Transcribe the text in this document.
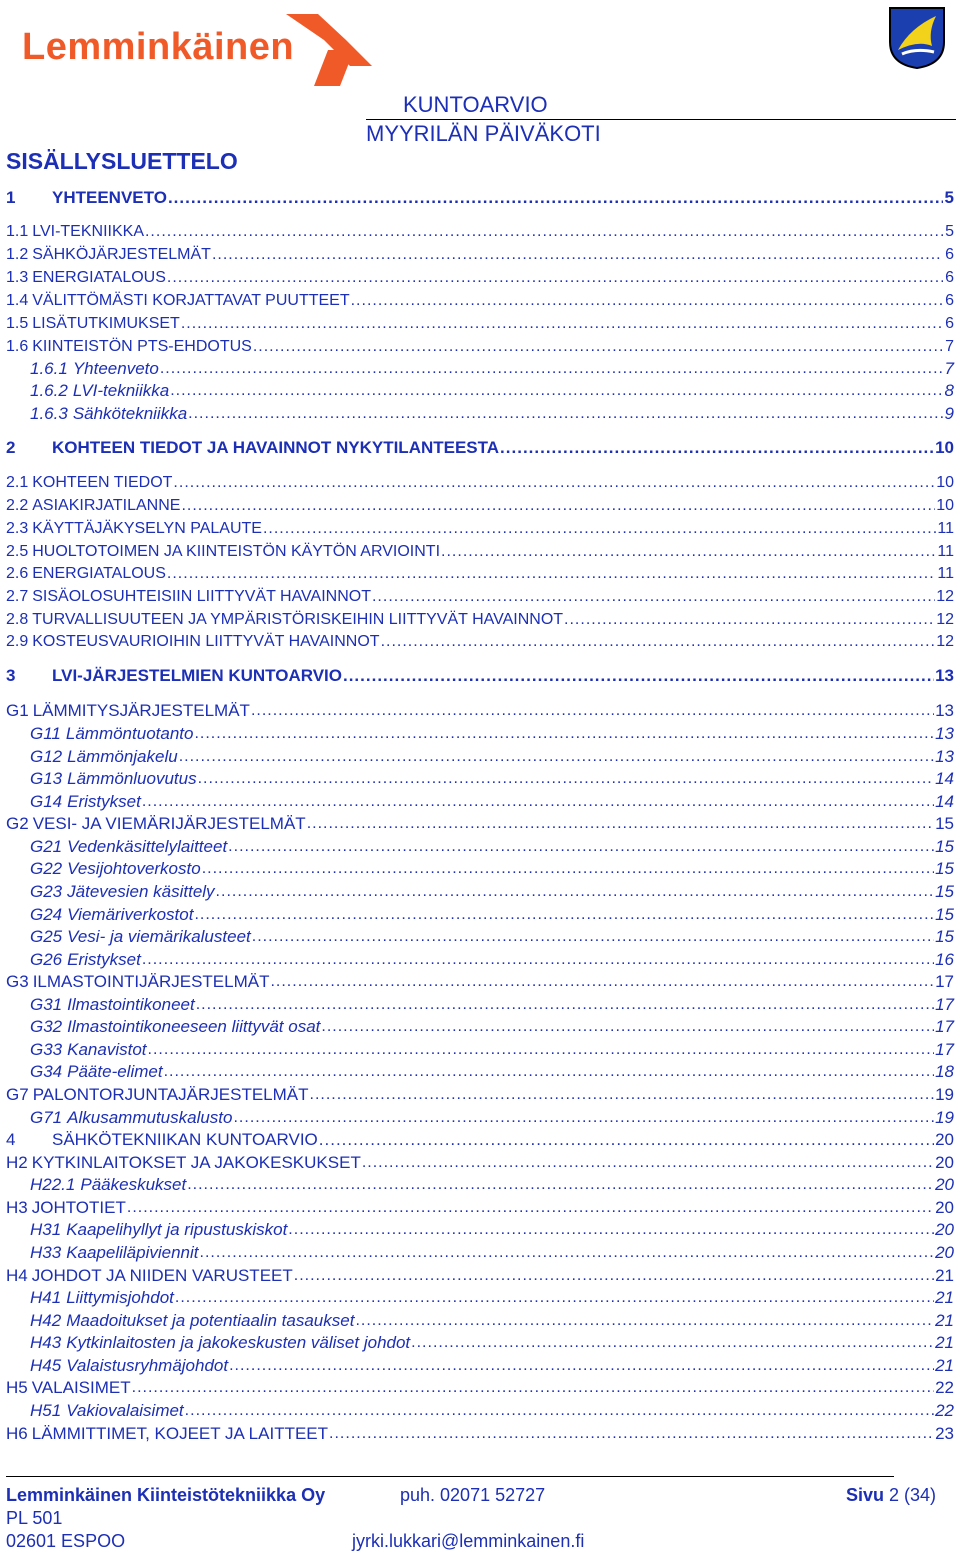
Lemminkäinen
KUNTOARVIO
MYYRILÄN PÄIVÄKOTI
SISÄLLYSLUETTELO
1	YHTEENVETO .....	5
1.1 LVI-TEKNIIKKA .....	5
1.2 SÄHKÖJÄRJESTELMÄT .....	6
1.3 ENERGIATALOUS .....	6
1.4 VÄLITTÖMÄSTI KORJATTAVAT PUUTTEET .....	6
1.5 LISÄTUTKIMUKSET .....	6
1.6 KIINTEISTÖN PTS-EHDOTUS .....	7
1.6.1 Yhteenveto .....	7
1.6.2 LVI-tekniikka .....	8
1.6.3 Sähkötekniikka .....	9
2	KOHTEEN TIEDOT JA HAVAINNOT NYKYTILANTEESTA .....	10
2.1 KOHTEEN TIEDOT .....	10
2.2 ASIAKIRJATILANNE .....	10
2.3 KÄYTTÄJÄKYSELYN PALAUTE .....	11
2.5 HUOLTOTOIMEN JA KIINTEISTÖN KÄYTÖN ARVIOINTI .....	11
2.6 ENERGIATALOUS .....	11
2.7 SISÄOLOSUHTEISIIN LIITTYVÄT HAVAINNOT .....	12
2.8 TURVALLISUUTEEN JA YMPÄRISTÖRISKEIHIN LIITTYVÄT HAVAINNOT .....	12
2.9 KOSTEUSVAURIOIHIN LIITTYVÄT HAVAINNOT .....	12
3	LVI-JÄRJESTELMIEN KUNTOARVIO .....	13
G1 LÄMMITYSJÄRJESTELMÄT .....	13
G11 Lämmöntuotanto .....	13
G12 Lämmönjakelu .....	13
G13 Lämmönluovutus .....	14
G14 Eristykset .....	14
G2 VESI- JA VIEMÄRIJÄRJESTELMÄT .....	15
G21 Vedenkäsittelylaitteet .....	15
G22 Vesijohtoverkosto .....	15
G23 Jätevesien käsittely .....	15
G24 Viemäriverkostot .....	15
G25 Vesi- ja viemärikalusteet .....	15
G26 Eristykset .....	16
G3 ILMASTOINTIJÄRJESTELMÄT .....	17
G31 Ilmastointikoneet .....	17
G32 Ilmastointikoneeseen liittyvät osat .....	17
G33 Kanavistot .....	17
G34 Pääte-elimet .....	18
G7 PALONTORJUNTAJÄRJESTELMÄT .....	19
G71 Alkusammutuskalusto .....	19
4	SÄHKÖTEKNIIKAN KUNTOARVIO .....	20
H2 KYTKINLAITOKSET JA JAKOKESKUKSET .....	20
H22.1 Pääkeskukset .....	20
H3 JOHTOTIET .....	20
H31 Kaapelihyllyt ja ripustuskiskot .....	20
H33 Kaapeliläpiviennit .....	20
H4 JOHDOT JA NIIDEN VARUSTEET .....	21
H41 Liittymisjohdot .....	21
H42 Maadoitukset ja potentiaalin tasaukset .....	21
H43 Kytkinlaitosten ja jakokeskusten väliset johdot .....	21
H45 Valaistusryhmäjohdot .....	21
H5 VALAISIMET .....	22
H51 Vakiovalaisimet .....	22
H6 LÄMMITTIMET, KOJEET JA LAITTEET .....	23
Lemminkäinen Kiinteistötekniikka Oy
PL 501
02601 ESPOO
puh. 02071 52727
jyrki.lukkari@lemminkainen.fi
Sivu 2 (34)
